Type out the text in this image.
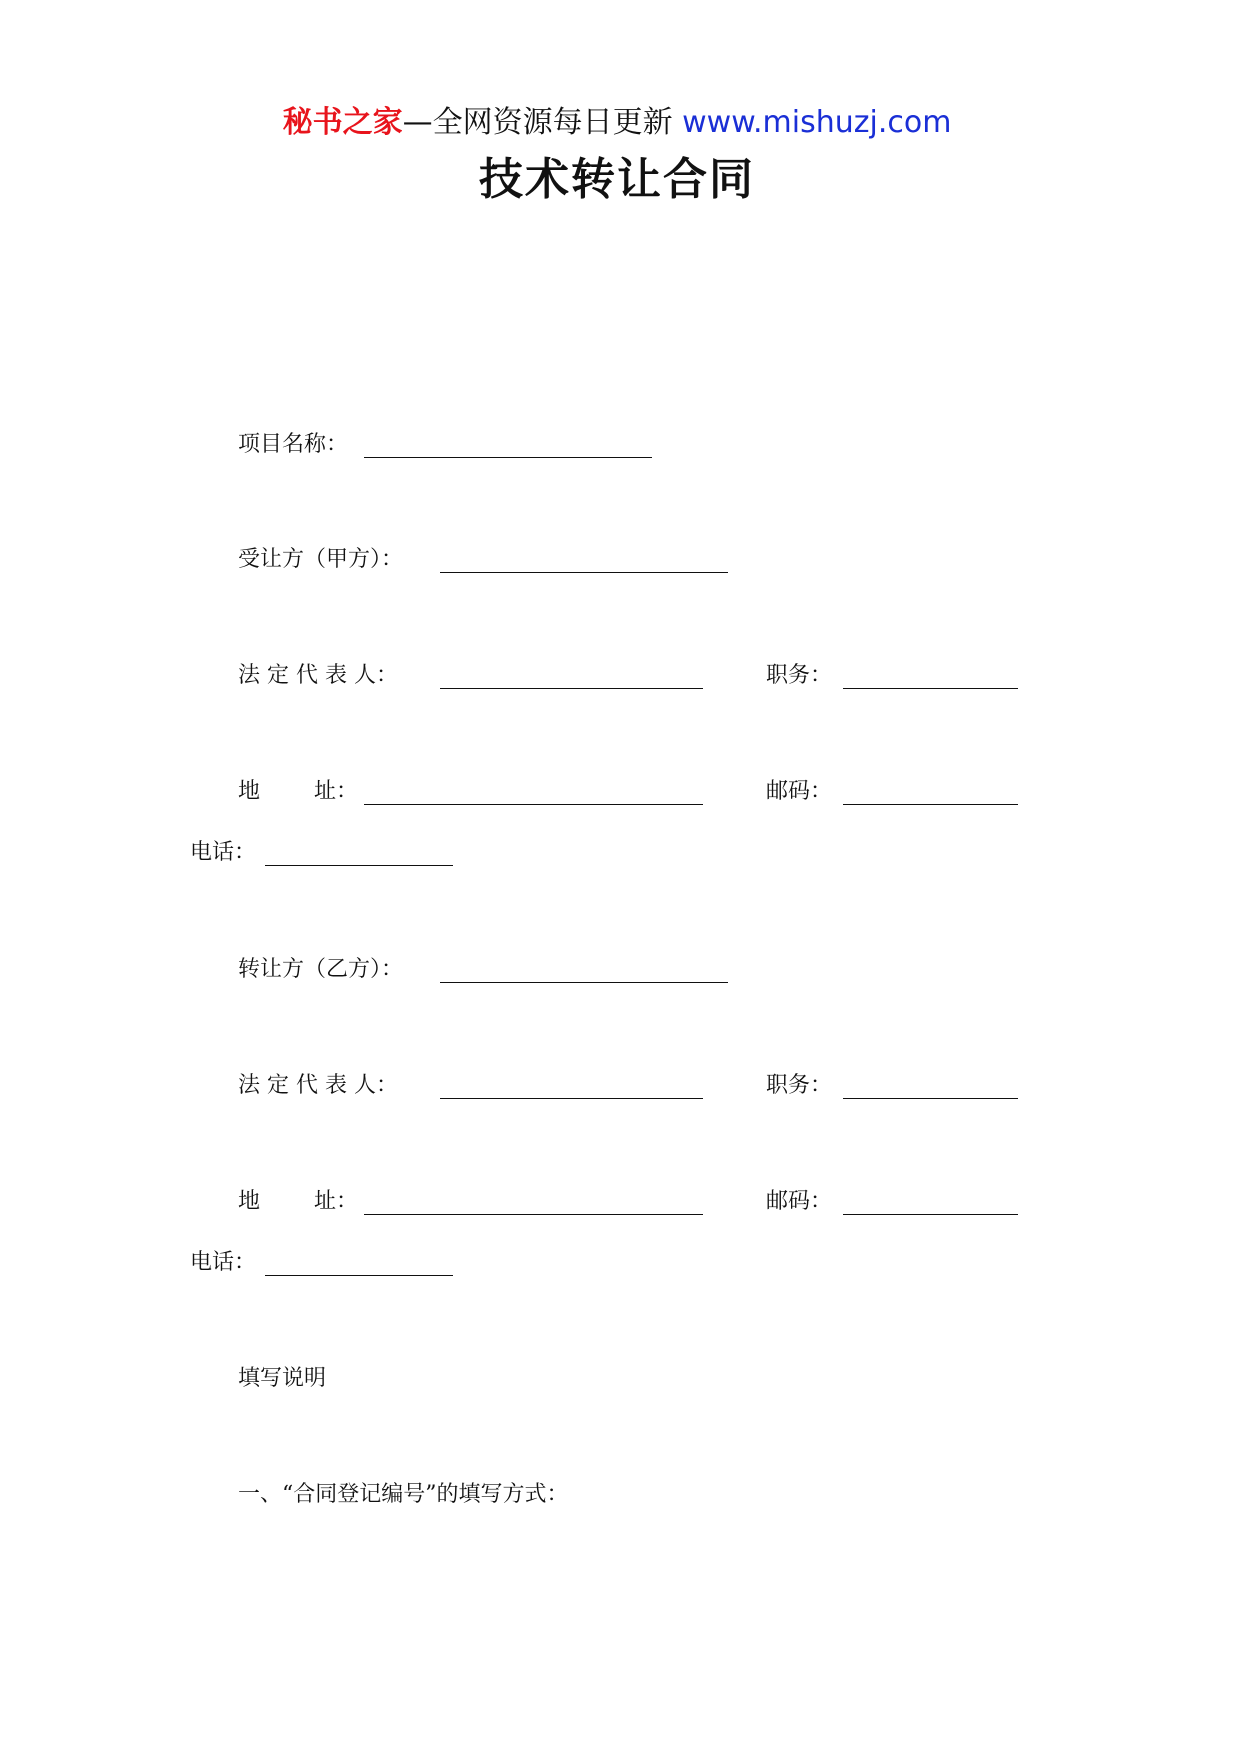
秘书之家—全网资源每日更新 www.mishuzj.com
技术转让合同
项目名称：
受让方（甲方）：
法 定 代 表 人：	职务：
地 址：	邮码：
电话：
转让方（乙方）：
法 定 代 表 人：	职务：
地 址：	邮码：
电话：
填写说明
一、“合同登记编号”的填写方式：
